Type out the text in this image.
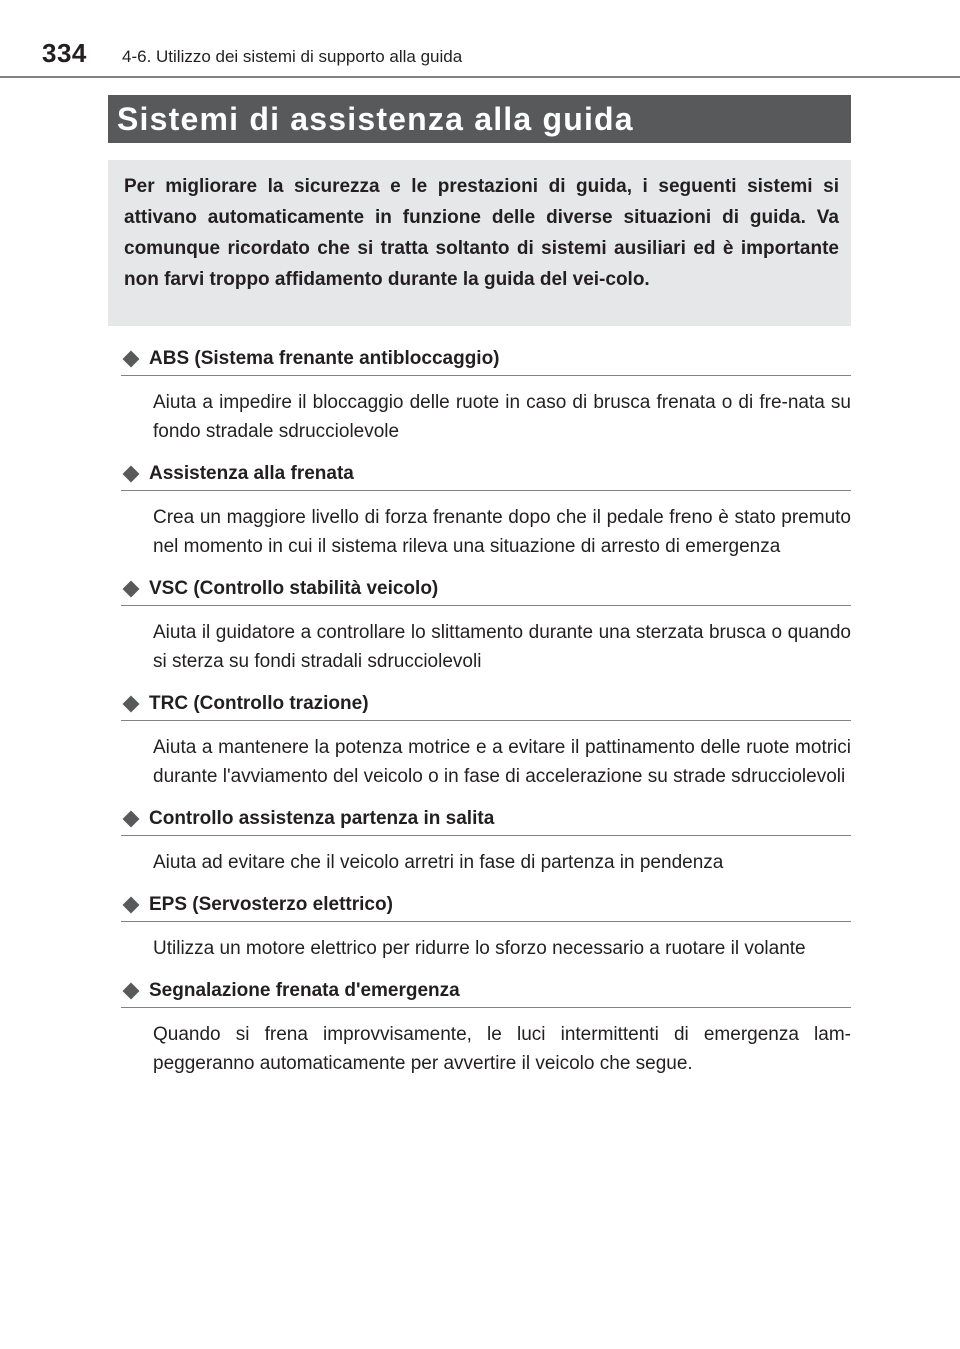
334 4-6. Utilizzo dei sistemi di supporto alla guida
Sistemi di assistenza alla guida

Per migliorare la sicurezza e le prestazioni di guida, i seguenti sistemi si attivano automaticamente in funzione delle diverse situazioni di guida. Va comunque ricordato che si tratta soltanto di sistemi ausiliari ed è importante non farvi troppo affidamento durante la guida del vei-colo.

ABS (Sistema frenante antibloccaggio)
Aiuta a impedire il bloccaggio delle ruote in caso di brusca frenata o di fre-nata su fondo stradale sdrucciolevole
Assistenza alla frenata
Crea un maggiore livello di forza frenante dopo che il pedale freno è stato premuto nel momento in cui il sistema rileva una situazione di arresto di emergenza
VSC (Controllo stabilità veicolo)
Aiuta il guidatore a controllare lo slittamento durante una sterzata brusca o quando si sterza su fondi stradali sdrucciolevoli
TRC (Controllo trazione)
Aiuta a mantenere la potenza motrice e a evitare il pattinamento delle ruote motrici durante l'avviamento del veicolo o in fase di accelerazione su strade sdrucciolevoli
Controllo assistenza partenza in salita
Aiuta ad evitare che il veicolo arretri in fase di partenza in pendenza
EPS (Servosterzo elettrico)
Utilizza un motore elettrico per ridurre lo sforzo necessario a ruotare il volante
Segnalazione frenata d'emergenza
Quando si frena improvvisamente, le luci intermittenti di emergenza lam-peggeranno automaticamente per avvertire il veicolo che segue.
